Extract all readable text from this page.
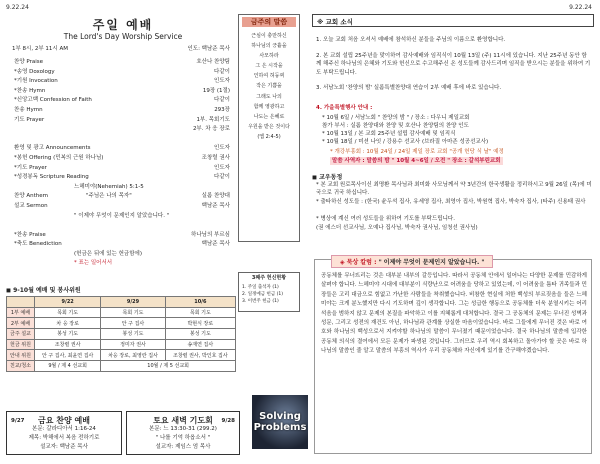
9.22.24	9.22.24
주일 예배
The Lord's Day Worship Service
1부 8시, 2부 11시 AM	인도: 백남준 목사
찬양 Praise	호산나 찬양팀
*송영 Doxology	다같이
*기원 Invocation	인도자
*찬송 Hymn	19장 (1절)
*신앙고백 Confession of Faith	다같이
찬송 Hymn	293장
기도 Prayer	1부. 목회기도
2부. 차 응 장로
환영 및 광고 Announcements	인도자
*봉헌 Offering (민복의 근원 하나님)	조창렬 권사
*기도 Prayer	인도자
*성경봉독 Scripture Reading	다같이
느헤미야(Nehemiah) 5:1-5
찬양 Anthem	"주님은 나의 목자"	실롬 찬양대
설교 Sermon	백남준 목사
" 이제야 무엇이 문제인지 알았습니다. "
*찬송 Praise	하나님의 부르심
*축도 Benediction	백남준 목사
(헌금은 뒤에 있는 헌금함에)
* 표는 일어서서
◼ 9-10월 예배 및 봉사위원
	9/22	9/29	10/6
1부 예배	목회 기도	목회 기도	목회 기도
2부 예배	차 응 장로	안 구 집사	박현식 장로
금주 설교	봉성 기도	봉성 기도	봉성 기도
헌금 위원	조창렬 권사	정미자 권사	송재연 집사
안내 위원	안 구 집사, 최윤연 집사	차응 장로, 최영란 집사	조창렬 권사, 박인호 집사
친교/청소	9월 / 제 4 선교회	10월 / 제 5 선교회	
9/27	금요 찬양 예배
본문: 갈라디아서 1:16-24
제목: 박해에서 복음 전하기로
설교자: 백남준 목사
9/28
토요 새벽 기도회
본문: 느 13:30-31 (299.2)
" 나를 기억 하옵소서 "
설교자: 제임스 엄 목사
금주의 말씀
근심이 충만하신
하나님의 긍휼을
사모하라
그 은 시작을
인하여 허둥찌
작은 기쁨을
그래도 나의
함께 영광하고
나도는 은혜로
우원을 받은 것이다
(엡 2:4-5)
3째주 헌신현황
1. 주일 출석자 (1)
2. 일정예금 헌금 (1)
3. 이번주 헌금 (1)
Solving
Problems
※ 교회 소식
1. 오늘 교회 처음 오셔서 예배에 참석하신 분들을 주님의 이름으로 환영합니다.
2. 본 교회 설립 25주년을 맞이하여 감사예배와 임직식이 10월 13일 (주) 11시에 있습니다. 지난 25주년 동안 함께 해주신 하나님의 은혜와 기도와 헌신으로 수고해주신 온 성도들께 감사드리며 임직을 받으시는 분들을 위하여 기도 부탁드립니다.
3. 서남노회 '찬양의 밤' 실롬특별찬양대 연습이 2부 예배 후에 바로 있습니다.
4. 가을특별행사 안내 :
* 10월 6일 / 서남노회 " 찬양의 밤 " / 장소 : 다우니 제일교회
참가 부서 : 실롬 찬양대와 찬양 및 호산나 찬양팀의 찬양 인도
* 10월 13일 / 본 교회 25주년 설립 감사예배 및 임직식
* 10월 18일 / 미션 나잇 / 강용수 선교사 (브라질 아마존 성공선교사)
* 개강부흥회 : 10월 24일 / 24일 제일 장로 교회 "공개 헌당 식 날" 예정
말씀 사역자 : 말씀의 밤 " 10월 4~6일 / 오전 " 장소 : 갈석부린교회
◼ 교우동정
* 본 교회 원로목사이신 최명환 목사님과 최미화 사모님께서 약 3년간의 한국생활을 정리하시고 9월 26일 (목)에 미국으로 귀국 하십니다.
* 출타하신 성도들 : (한국) 윤두석 집사, 유세영 집사, 최영아 집사, 박원혁 집사, 박숙자 집사, (타주) 신용태 권사
* 병상에 계신 여러 성도들을 위하여 기도를 부탁드립니다.
(권 에스더 선교사님, 오예나 집사님, 박숙자 권사님, 임청선 권사님)
◈ 묵상 칼럼 : " 이제야 무엇이 문제인지 알았습니다. "
공동체를 무너뜨리는 것은 대부분 내부의 갈등입니다. 따라서 공동체 안에서 일어나는 다양한 문제를 민감하게 살펴야 합니다. 느헤미야 시대에 대부분이 식량난으로 어려움을 당하고 있었는데, 이 어려움을 틈타 귀족들과 민장들은 고리 대금으로 힘없고 가난한 사람들을 착취했습니다. 비참한 현실에 처한 백성의 부르짖음을 들은 느헤미야는 크게 분노했지만 다시 기도하며 깊이 생각합니다. 그는 성급한 행동으로 공동체를 더욱 분열시키는 어리석음을 범하지 않고 문제의 본질을 파악하고 이를 지혜롭게 대처합니다. 결국 그 공동체의 문제는 무너진 성벽과 성문, 그리고 성전의 재건도 아닌, 하나님과 관계를 상실한 마음이었습니다. 바로 그들에게 무너진 것은 바로 여호와 하나님의 백성으로서 지켜야할 하나님의 말씀이 무너졌기 때문이었습니다. 결국 하나님의 말씀에 입각한 공동체 의식의 결여에서 모든 문제가 파생된 것입니다. 그러므로 우리 역시 회복하고 돌아가야 할 곳은 바로 하나님의 말씀인 줄 알고 말씀의 부흥의 역사가 우리 공동체와 자신에게 있기를 간구해야겠습니다.
